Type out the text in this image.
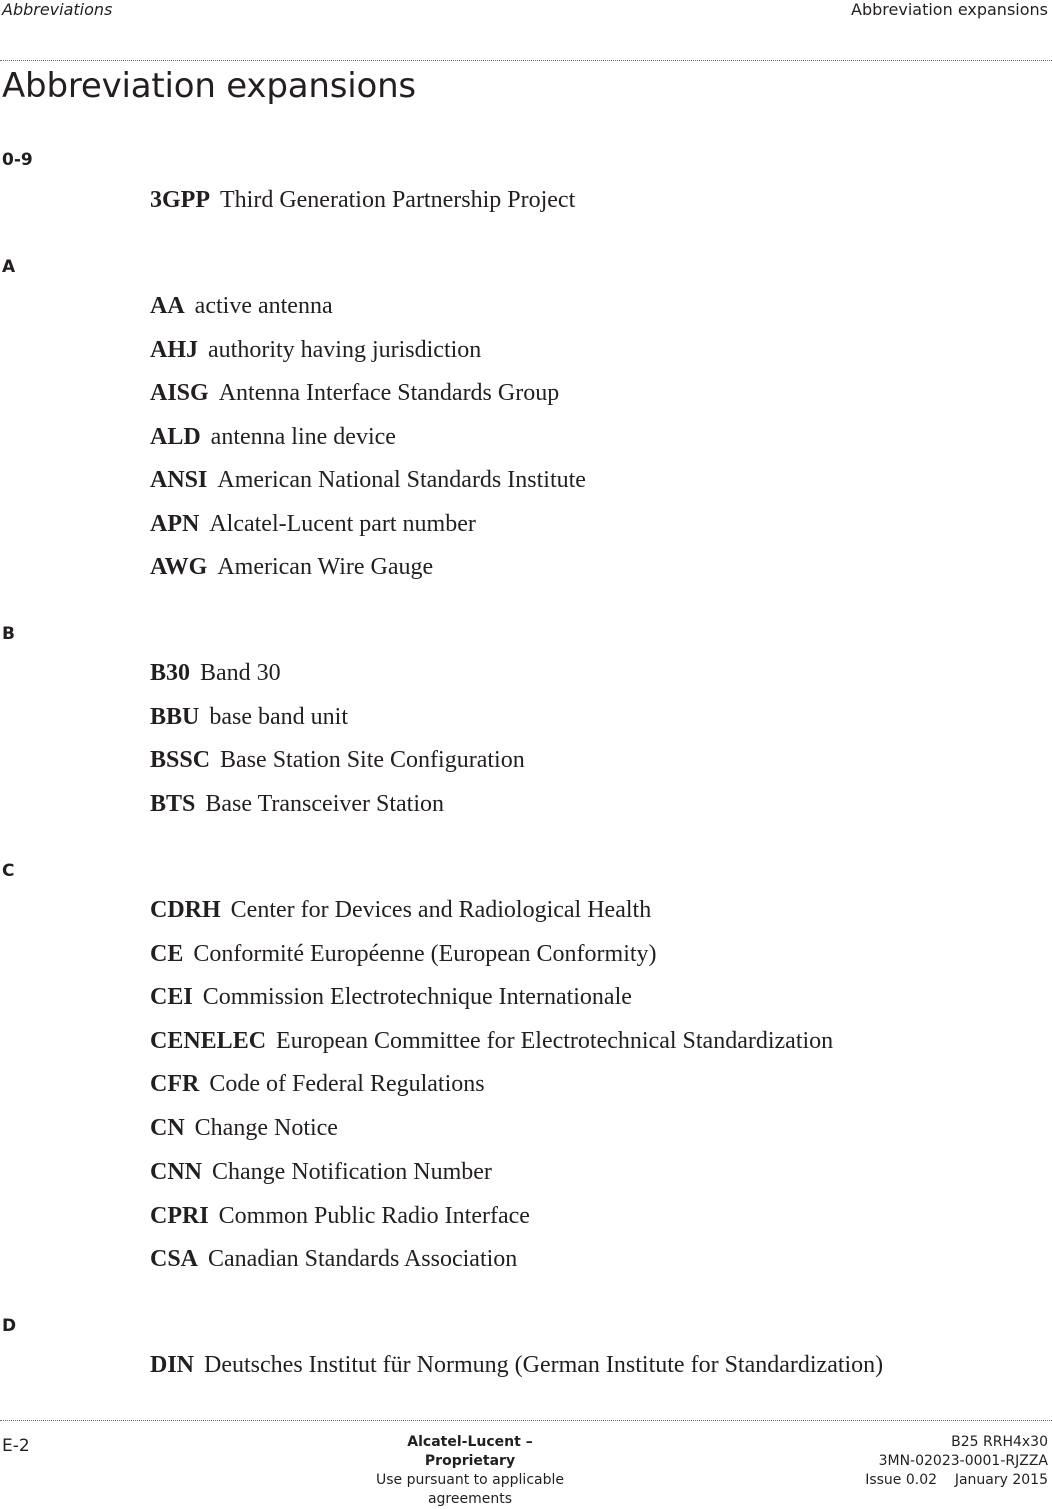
Abbreviations	Abbreviation expansions
Abbreviation expansions
0-9
3GPP Third Generation Partnership Project
A
AA active antenna
AHJ authority having jurisdiction
AISG Antenna Interface Standards Group
ALD antenna line device
ANSI American National Standards Institute
APN Alcatel-Lucent part number
AWG American Wire Gauge
B
B30 Band 30
BBU base band unit
BSSC Base Station Site Configuration
BTS Base Transceiver Station
C
CDRH Center for Devices and Radiological Health
CE Conformité Européenne (European Conformity)
CEI Commission Electrotechnique Internationale
CENELEC European Committee for Electrotechnical Standardization
CFR Code of Federal Regulations
CN Change Notice
CNN Change Notification Number
CPRI Common Public Radio Interface
CSA Canadian Standards Association
D
DIN Deutsches Institut für Normung (German Institute for Standardization)
E-2	Alcatel-Lucent – Proprietary
Use pursuant to applicable agreements
B25 RRH4x30
3MN-02023-0001-RJZZA
Issue 0.02    January 2015
